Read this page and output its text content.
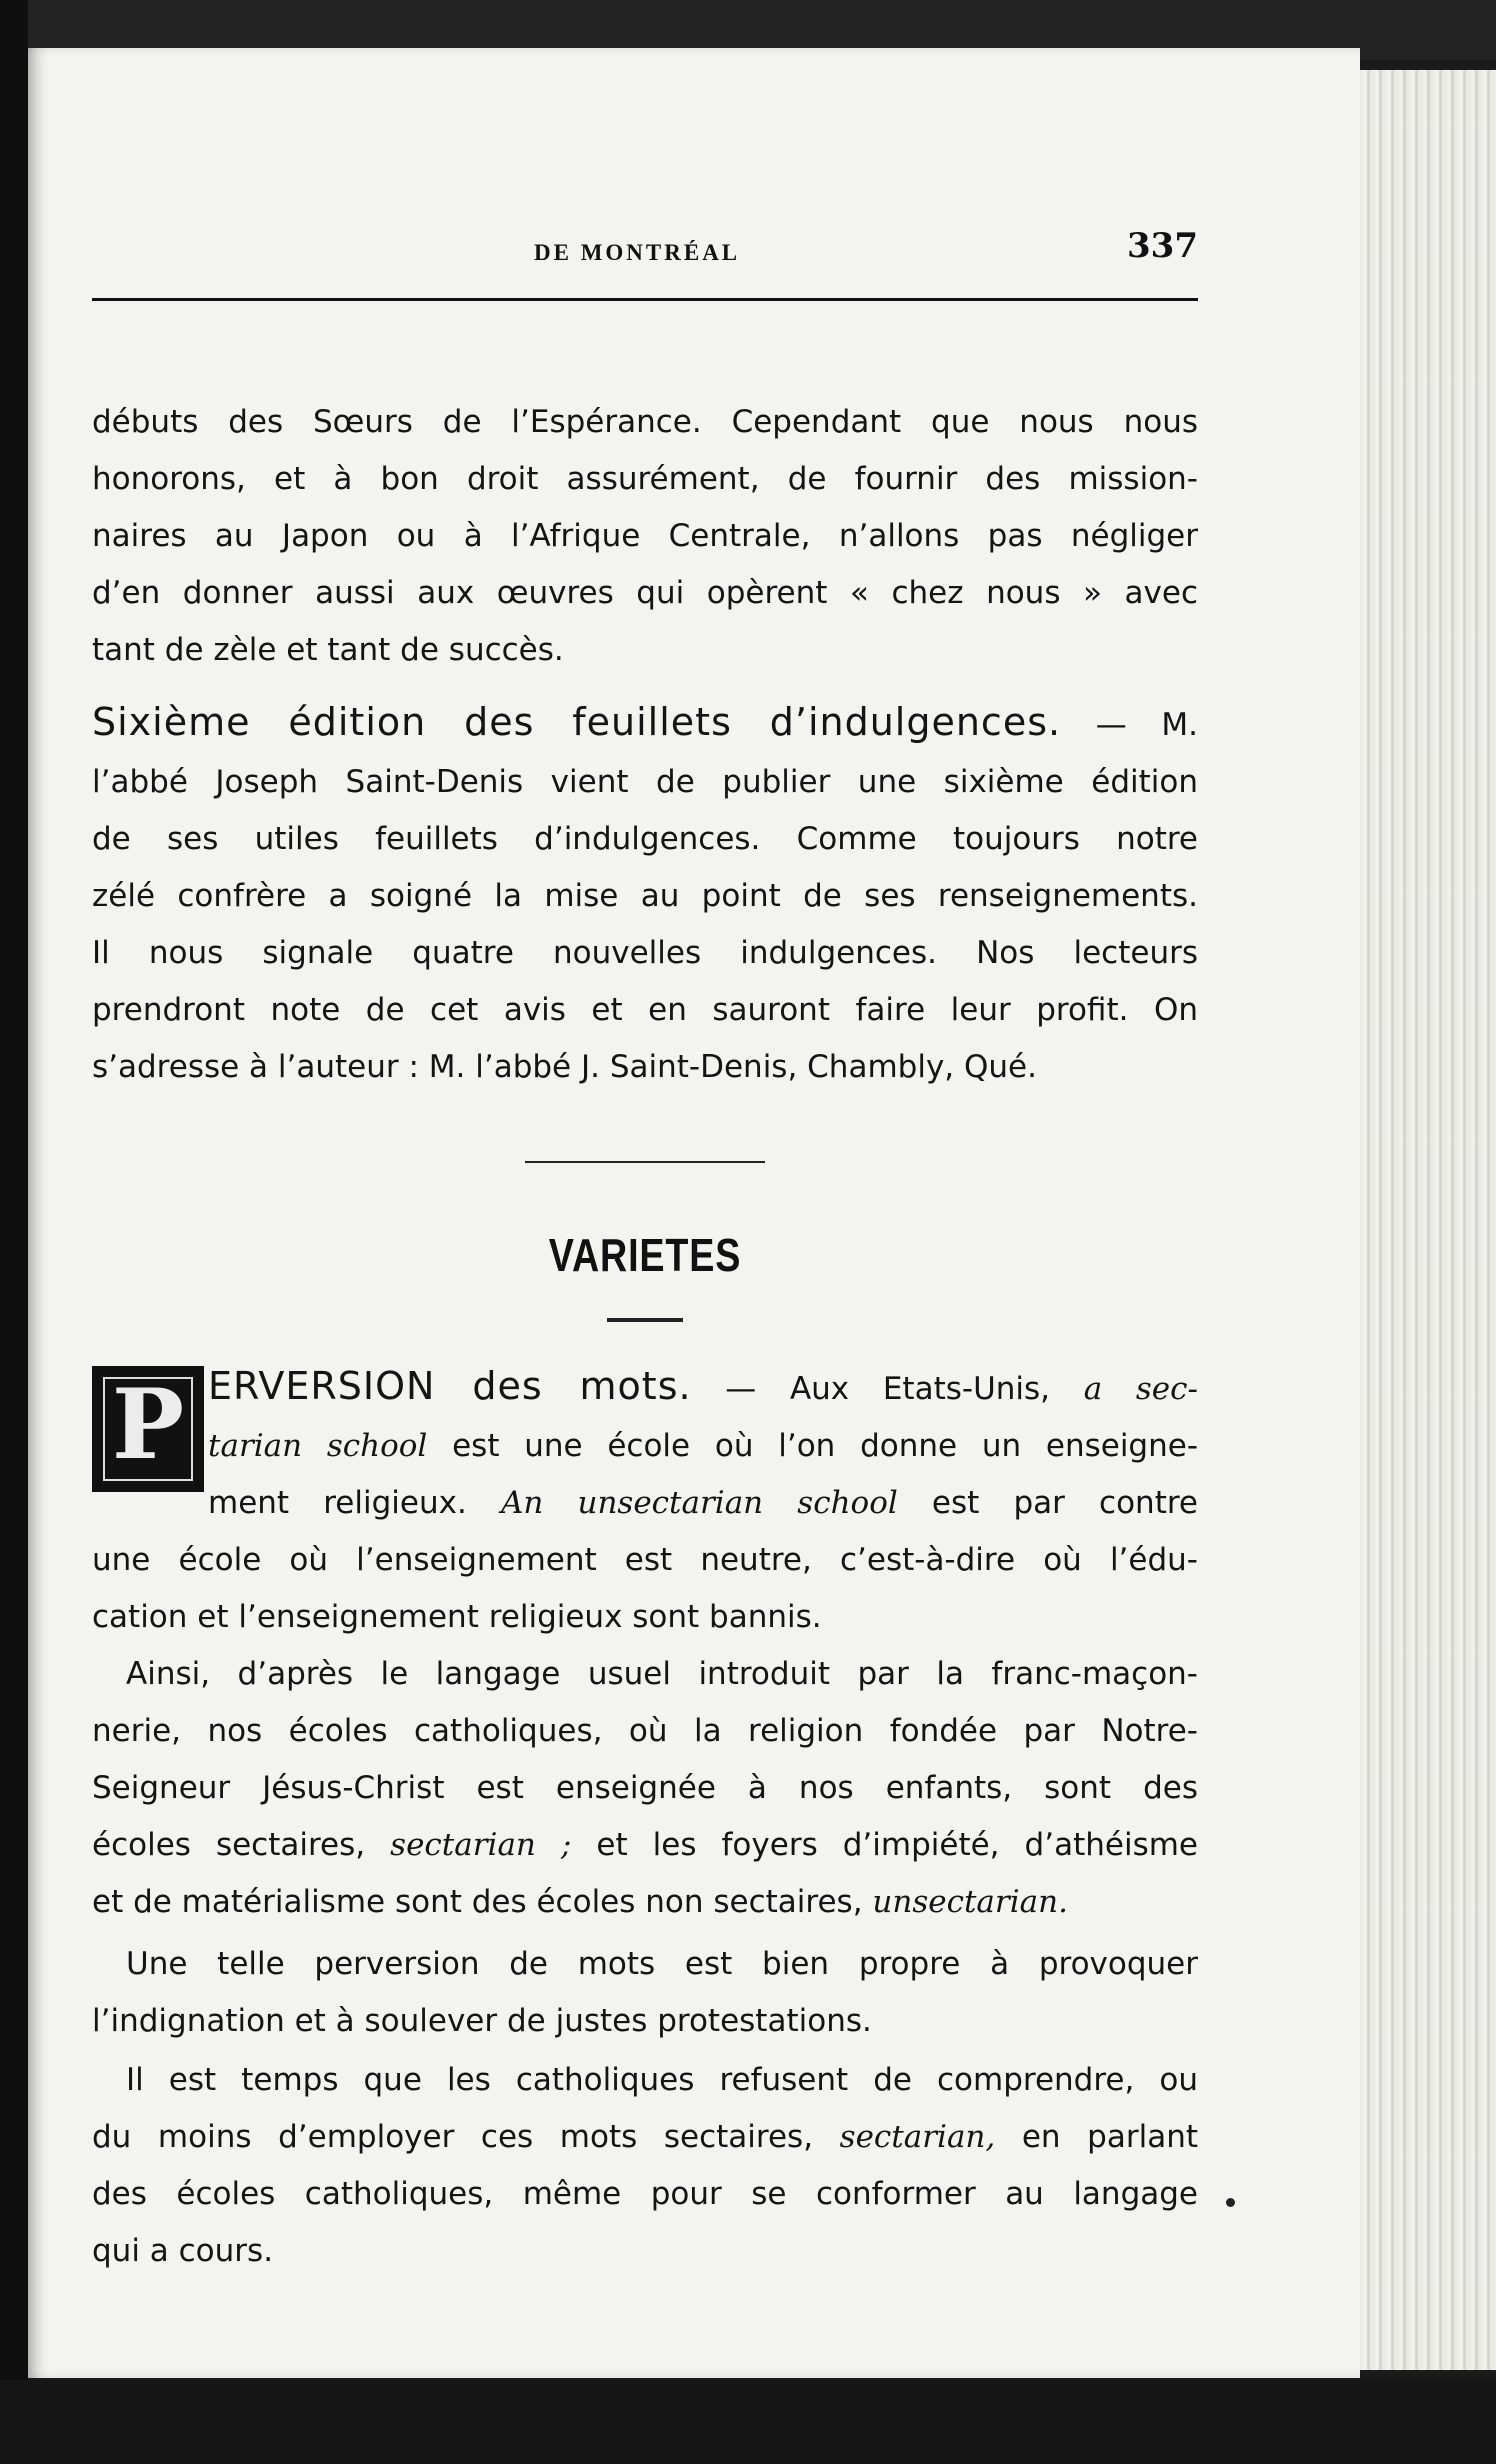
DE MONTRÉAL	337
débuts des Sœurs de l’Espérance. Cependant que nous nous
honorons, et à bon droit assurément, de fournir des mission-
naires au Japon ou à l’Afrique Centrale, n’allons pas négliger
d’en donner aussi aux œuvres qui opèrent « chez nous » avec
tant de zèle et tant de succès.
Sixième édition des feuillets d’indulgences. — M.
l’abbé Joseph Saint-Denis vient de publier une sixième édition
de ses utiles feuillets d’indulgences. Comme toujours notre
zélé confrère a soigné la mise au point de ses renseignements.
Il nous signale quatre nouvelles indulgences. Nos lecteurs
prendront note de cet avis et en sauront faire leur profit. On
s’adresse à l’auteur : M. l’abbé J. Saint-Denis, Chambly, Qué.
VARIETES
P ERVERSION des mots. — Aux Etats-Unis, a sec-
tarian school est une école où l’on donne un enseigne-
ment religieux. An unsectarian school est par contre
une école où l’enseignement est neutre, c’est-à-dire où l’édu-
cation et l’enseignement religieux sont bannis.
Ainsi, d’après le langage usuel introduit par la franc-maçon-
nerie, nos écoles catholiques, où la religion fondée par Notre-
Seigneur Jésus-Christ est enseignée à nos enfants, sont des
écoles sectaires, sectarian ; et les foyers d’impiété, d’athéisme
et de matérialisme sont des écoles non sectaires, unsectarian.
Une telle perversion de mots est bien propre à provoquer
l’indignation et à soulever de justes protestations.
Il est temps que les catholiques refusent de comprendre, ou
du moins d’employer ces mots sectaires, sectarian, en parlant
des écoles catholiques, même pour se conformer au langage
qui a cours.
